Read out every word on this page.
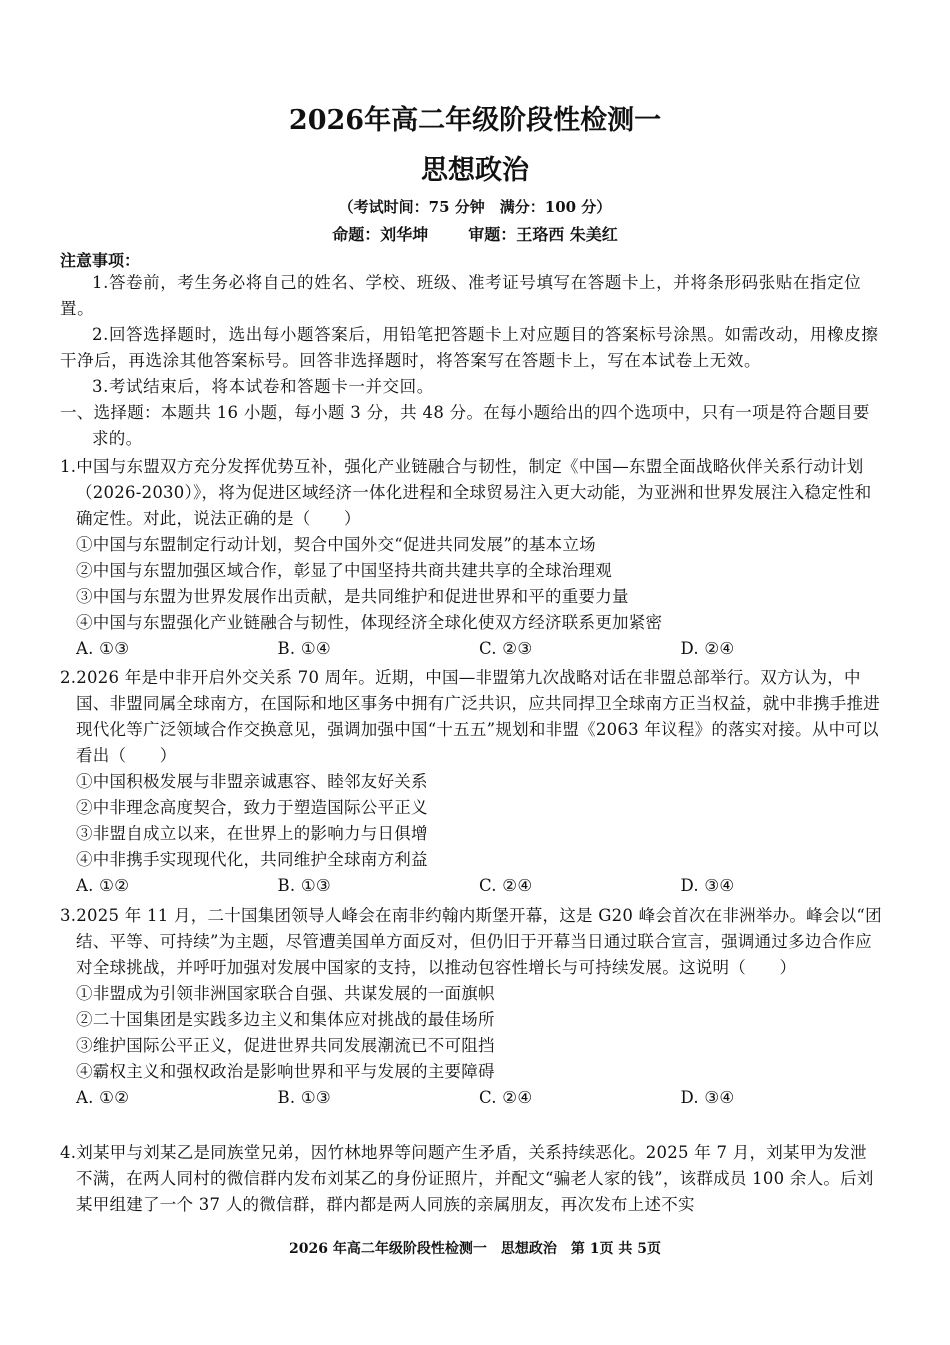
2026年高二年级阶段性检测一
思想政治
（考试时间：75 分钟　满分：100 分）
命题：刘华坤	审题：王珞西 朱美红
注意事项：
1.答卷前，考生务必将自己的姓名、学校、班级、准考证号填写在答题卡上，并将条形码张贴在指定位置。
2.回答选择题时，选出每小题答案后，用铅笔把答题卡上对应题目的答案标号涂黑。如需改动，用橡皮擦干净后，再选涂其他答案标号。回答非选择题时，将答案写在答题卡上，写在本试卷上无效。
3.考试结束后，将本试卷和答题卡一并交回。
一、选择题：本题共 16 小题，每小题 3 分，共 48 分。在每小题给出的四个选项中，只有一项是符合题目要求的。
1.中国与东盟双方充分发挥优势互补，强化产业链融合与韧性，制定《中国—东盟全面战略伙伴关系行动计划（2026-2030）》，将为促进区域经济一体化进程和全球贸易注入更大动能，为亚洲和世界发展注入稳定性和确定性。对此，说法正确的是（　　）
①中国与东盟制定行动计划，契合中国外交“促进共同发展”的基本立场
②中国与东盟加强区域合作，彰显了中国坚持共商共建共享的全球治理观
③中国与东盟为世界发展作出贡献，是共同维护和促进世界和平的重要力量
④中国与东盟强化产业链融合与韧性，体现经济全球化使双方经济联系更加紧密
A. ①③	B. ①④	C. ②③	D. ②④
2.2026 年是中非开启外交关系 70 周年。近期，中国—非盟第九次战略对话在非盟总部举行。双方认为，中国、非盟同属全球南方，在国际和地区事务中拥有广泛共识，应共同捍卫全球南方正当权益，就中非携手推进现代化等广泛领域合作交换意见，强调加强中国“十五五”规划和非盟《2063 年议程》的落实对接。从中可以看出（　　）
①中国积极发展与非盟亲诚惠容、睦邻友好关系
②中非理念高度契合，致力于塑造国际公平正义
③非盟自成立以来，在世界上的影响力与日俱增
④中非携手实现现代化，共同维护全球南方利益
A. ①②	B. ①③	C. ②④	D. ③④
3.2025 年 11 月，二十国集团领导人峰会在南非约翰内斯堡开幕，这是 G20 峰会首次在非洲举办。峰会以“团结、平等、可持续”为主题，尽管遭美国单方面反对，但仍旧于开幕当日通过联合宣言，强调通过多边合作应对全球挑战，并呼吁加强对发展中国家的支持，以推动包容性增长与可持续发展。这说明（　　）
①非盟成为引领非洲国家联合自强、共谋发展的一面旗帜
②二十国集团是实践多边主义和集体应对挑战的最佳场所
③维护国际公平正义，促进世界共同发展潮流已不可阻挡
④霸权主义和强权政治是影响世界和平与发展的主要障碍
A. ①②	B. ①③	C. ②④	D. ③④
4.刘某甲与刘某乙是同族堂兄弟，因竹林地界等问题产生矛盾，关系持续恶化。2025 年 7 月，刘某甲为发泄不满，在两人同村的微信群内发布刘某乙的身份证照片，并配文“骗老人家的钱”，该群成员 100 余人。后刘某甲组建了一个 37 人的微信群，群内都是两人同族的亲属朋友，再次发布上述不实
2026 年高二年级阶段性检测一 思想政治 第 1页 共 5页
